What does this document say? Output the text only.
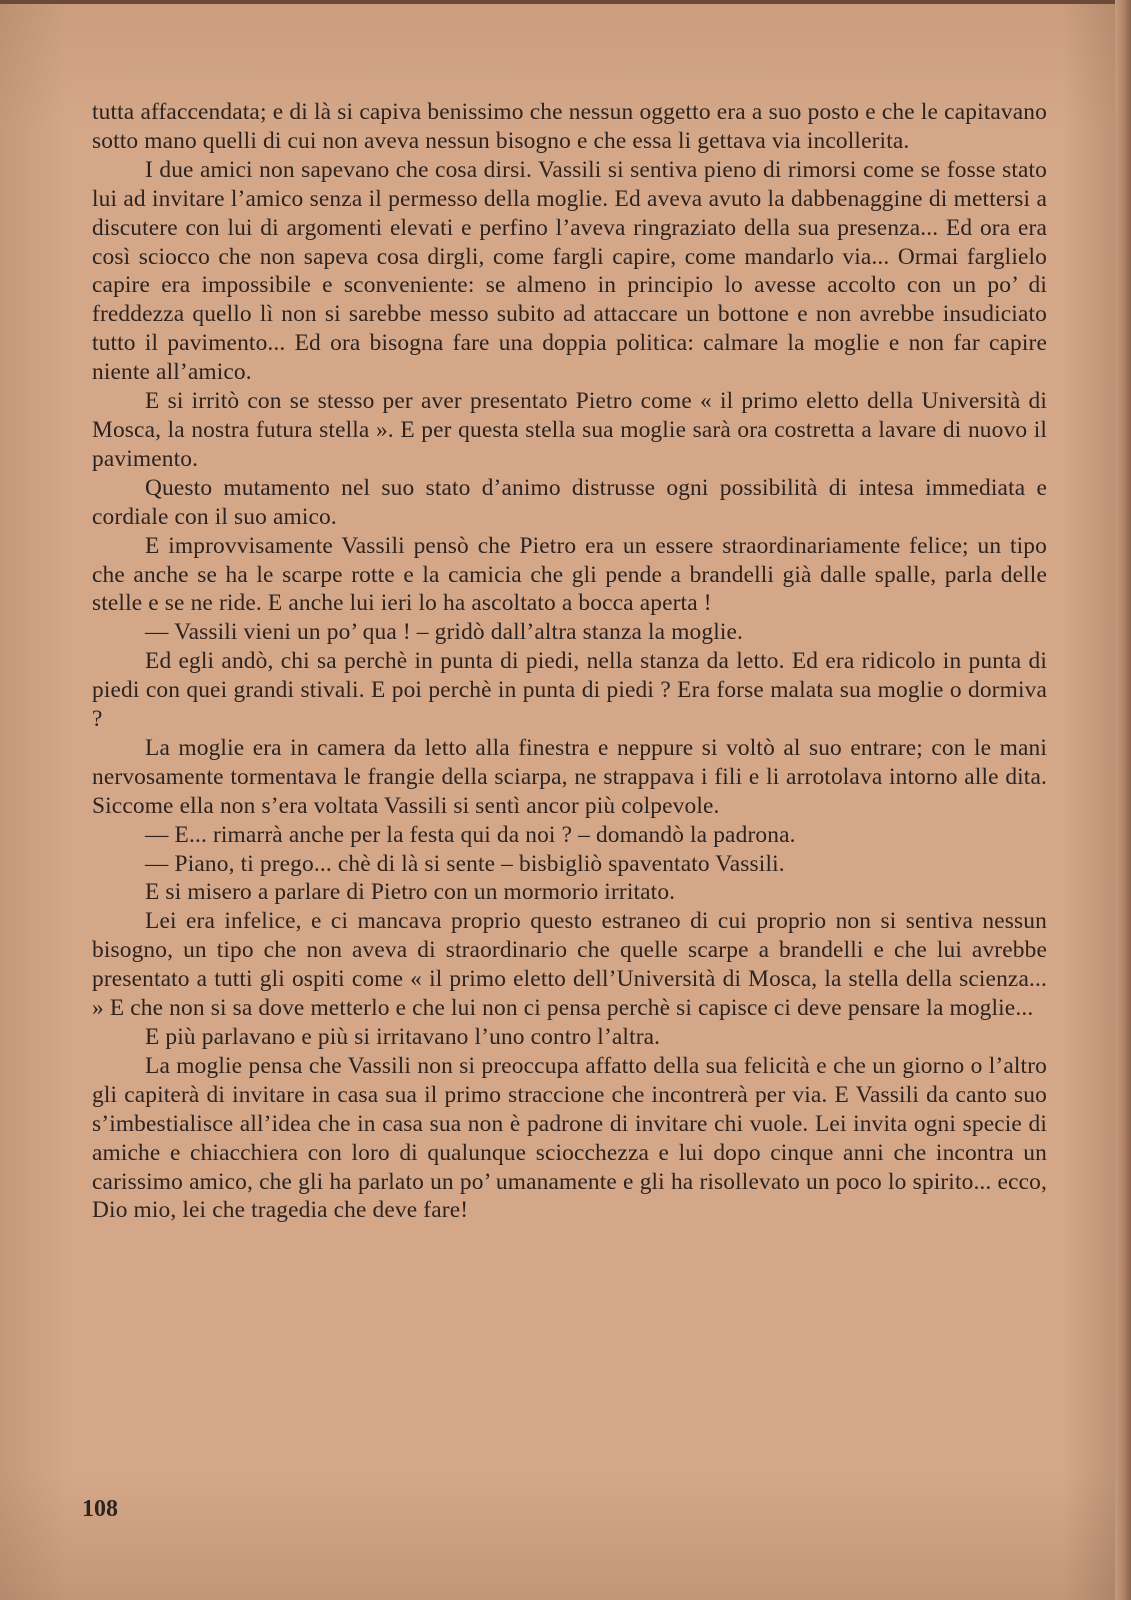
tutta affaccendata; e di là si capiva benissimo che nessun oggetto era a suo posto e che le capitavano sotto mano quelli di cui non aveva nessun bisogno e che essa li gettava via incollerita.

I due amici non sapevano che cosa dirsi. Vassili si sentiva pieno di rimorsi come se fosse stato lui ad invitare l’amico senza il permesso della moglie. Ed aveva avuto la dabbenaggine di mettersi a discutere con lui di argomenti elevati e perfino l’aveva ringraziato della sua presenza... Ed ora era così sciocco che non sapeva cosa dirgli, come fargli capire, come mandarlo via... Ormai farglielo capire era impossibile e sconveniente: se almeno in principio lo avesse accolto con un po’ di freddezza quello lì non si sarebbe messo subito ad attaccare un bottone e non avrebbe insudiciato tutto il pavimento... Ed ora bisogna fare una doppia politica: calmare la moglie e non far capire niente all’amico.

E si irritò con se stesso per aver presentato Pietro come « il primo eletto della Università di Mosca, la nostra futura stella ». E per questa stella sua moglie sarà ora costretta a lavare di nuovo il pavimento.

Questo mutamento nel suo stato d’animo distrusse ogni possibilità di intesa immediata e cordiale con il suo amico.

E improvvisamente Vassili pensò che Pietro era un essere straordinariamente felice; un tipo che anche se ha le scarpe rotte e la camicia che gli pende a brandelli già dalle spalle, parla delle stelle e se ne ride. E anche lui ieri lo ha ascoltato a bocca aperta !

— Vassili vieni un po’ qua ! – gridò dall’altra stanza la moglie.

Ed egli andò, chi sa perchè in punta di piedi, nella stanza da letto. Ed era ridicolo in punta di piedi con quei grandi stivali. E poi perchè in punta di piedi ? Era forse malata sua moglie o dormiva ?

La moglie era in camera da letto alla finestra e neppure si voltò al suo entrare; con le mani nervosamente tormentava le frangie della sciarpa, ne strappava i fili e li arrotolava intorno alle dita. Siccome ella non s’era voltata Vassili si sentì ancor più colpevole.

— E... rimarrà anche per la festa qui da noi ? – domandò la padrona.

— Piano, ti prego... chè di là si sente – bisbigliò spaventato Vassili.

E si misero a parlare di Pietro con un mormorio irritato.

Lei era infelice, e ci mancava proprio questo estraneo di cui proprio non si sentiva nessun bisogno, un tipo che non aveva di straordinario che quelle scarpe a brandelli e che lui avrebbe presentato a tutti gli ospiti come « il primo eletto dell’Università di Mosca, la stella della scienza... » E che non si sa dove metterlo e che lui non ci pensa perchè si capisce ci deve pensare la moglie...

E più parlavano e più si irritavano l’uno contro l’altra.

La moglie pensa che Vassili non si preoccupa affatto della sua felicità e che un giorno o l’altro gli capiterà di invitare in casa sua il primo straccione che incontrerà per via. E Vassili da canto suo s’imbestialisce all’idea che in casa sua non è padrone di invitare chi vuole. Lei invita ogni specie di amiche e chiacchiera con loro di qualunque sciocchezza e lui dopo cinque anni che incontra un carissimo amico, che gli ha parlato un po’ umanamente e gli ha risollevato un poco lo spirito... ecco, Dio mio, lei che tragedia che deve fare!

108
